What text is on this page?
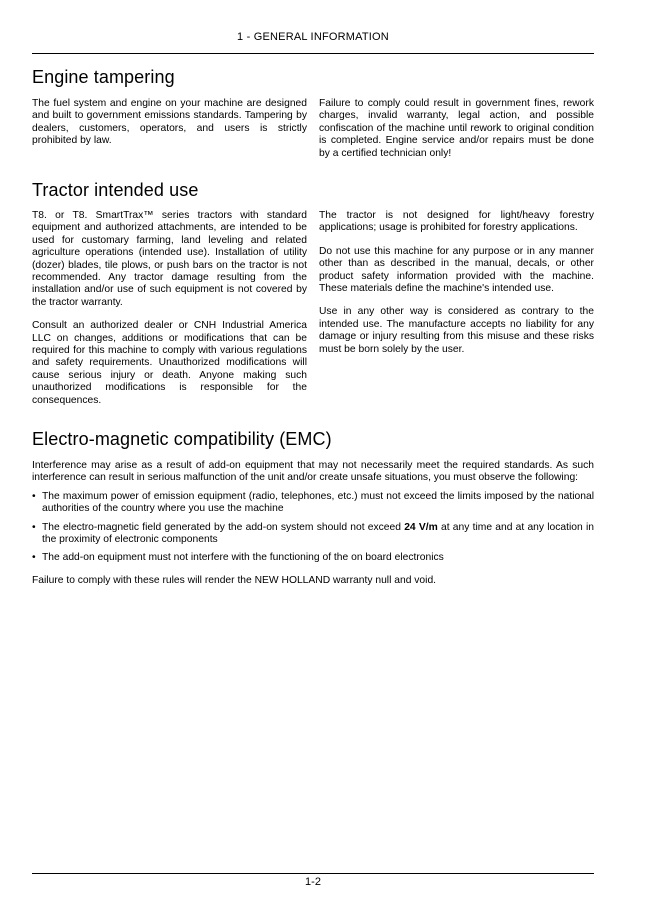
1 - GENERAL INFORMATION
Engine tampering

The fuel system and engine on your machine are designed and built to government emissions standards. Tampering by dealers, customers, operators, and users is strictly prohibited by law.

Failure to comply could result in government fines, rework charges, invalid warranty, legal action, and possible confiscation of the machine until rework to original condition is completed. Engine service and/or repairs must be done by a certified technician only!

Tractor intended use

T8. or T8. SmartTrax™ series tractors with standard equipment and authorized attachments, are intended to be used for customary farming, land leveling and related agriculture operations (intended use). Installation of utility (dozer) blades, tile plows, or push bars on the tractor is not recommended. Any tractor damage resulting from the installation and/or use of such equipment is not covered by the tractor warranty.

Consult an authorized dealer or CNH Industrial America LLC on changes, additions or modifications that can be required for this machine to comply with various regulations and safety requirements. Unauthorized modifications will cause serious injury or death. Anyone making such unauthorized modifications is responsible for the consequences.

The tractor is not designed for light/heavy forestry applications; usage is prohibited for forestry applications.

Do not use this machine for any purpose or in any manner other than as described in the manual, decals, or other product safety information provided with the machine. These materials define the machine's intended use.

Use in any other way is considered as contrary to the intended use. The manufacture accepts no liability for any damage or injury resulting from this misuse and these risks must be born solely by the user.

Electro-magnetic compatibility (EMC)

Interference may arise as a result of add-on equipment that may not necessarily meet the required standards. As such interference can result in serious malfunction of the unit and/or create unsafe situations, you must observe the following:

• The maximum power of emission equipment (radio, telephones, etc.) must not exceed the limits imposed by the national authorities of the country where you use the machine
• The electro-magnetic field generated by the add-on system should not exceed 24 V/m at any time and at any location in the proximity of electronic components
• The add-on equipment must not interfere with the functioning of the on board electronics

Failure to comply with these rules will render the NEW HOLLAND warranty null and void.

1-2
